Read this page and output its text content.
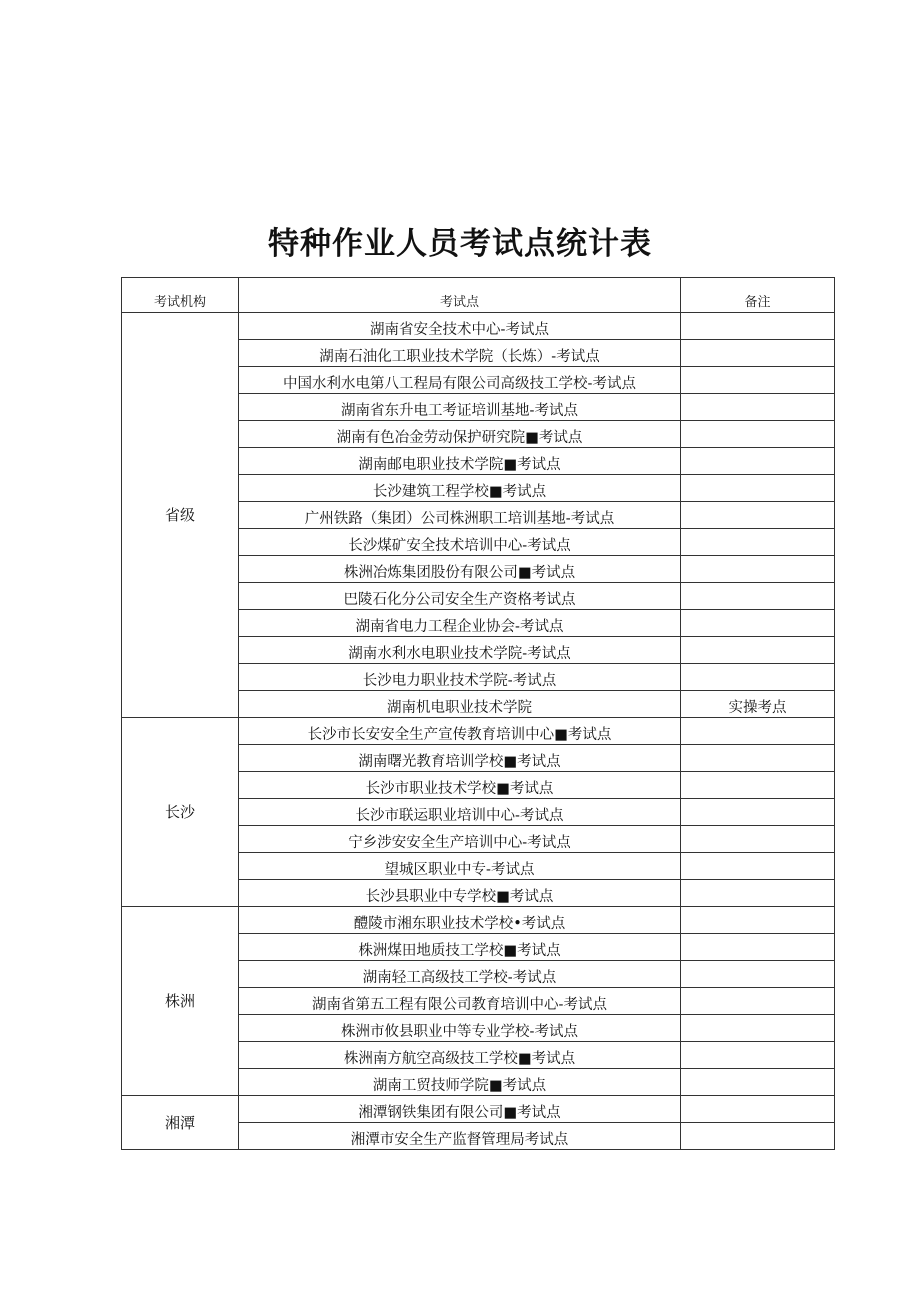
特种作业人员考试点统计表
考试机构	考试点	备注
省级	湖南省安全技术中心-考试点	
	湖南石油化工职业技术学院（长炼）-考试点	
	中国水利水电第八工程局有限公司高级技工学校-考试点	
	湖南省东升电工考证培训基地-考试点	
	湖南有色冶金劳动保护研究院■考试点	
	湖南邮电职业技术学院■考试点	
	长沙建筑工程学校■考试点	
	广州铁路（集团）公司株洲职工培训基地-考试点	
	长沙煤矿安全技术培训中心-考试点	
	株洲冶炼集团股份有限公司■考试点	
	巴陵石化分公司安全生产资格考试点	
	湖南省电力工程企业协会-考试点	
	湖南水利水电职业技术学院-考试点	
	长沙电力职业技术学院-考试点	
	湖南机电职业技术学院	实操考点
长沙	长沙市长安安全生产宣传教育培训中心■考试点	
	湖南曙光教育培训学校■考试点	
	长沙市职业技术学校■考试点	
	长沙市联运职业培训中心-考试点	
	宁乡涉安安全生产培训中心-考试点	
	望城区职业中专-考试点	
	长沙县职业中专学校■考试点	
株洲	醴陵市湘东职业技术学校•考试点	
	株洲煤田地质技工学校■考试点	
	湖南轻工高级技工学校-考试点	
	湖南省第五工程有限公司教育培训中心-考试点	
	株洲市攸县职业中等专业学校-考试点	
	株洲南方航空高级技工学校■考试点	
	湖南工贸技师学院■考试点	
湘潭	湘潭钢铁集团有限公司■考试点	
	湘潭市安全生产监督管理局考试点	
